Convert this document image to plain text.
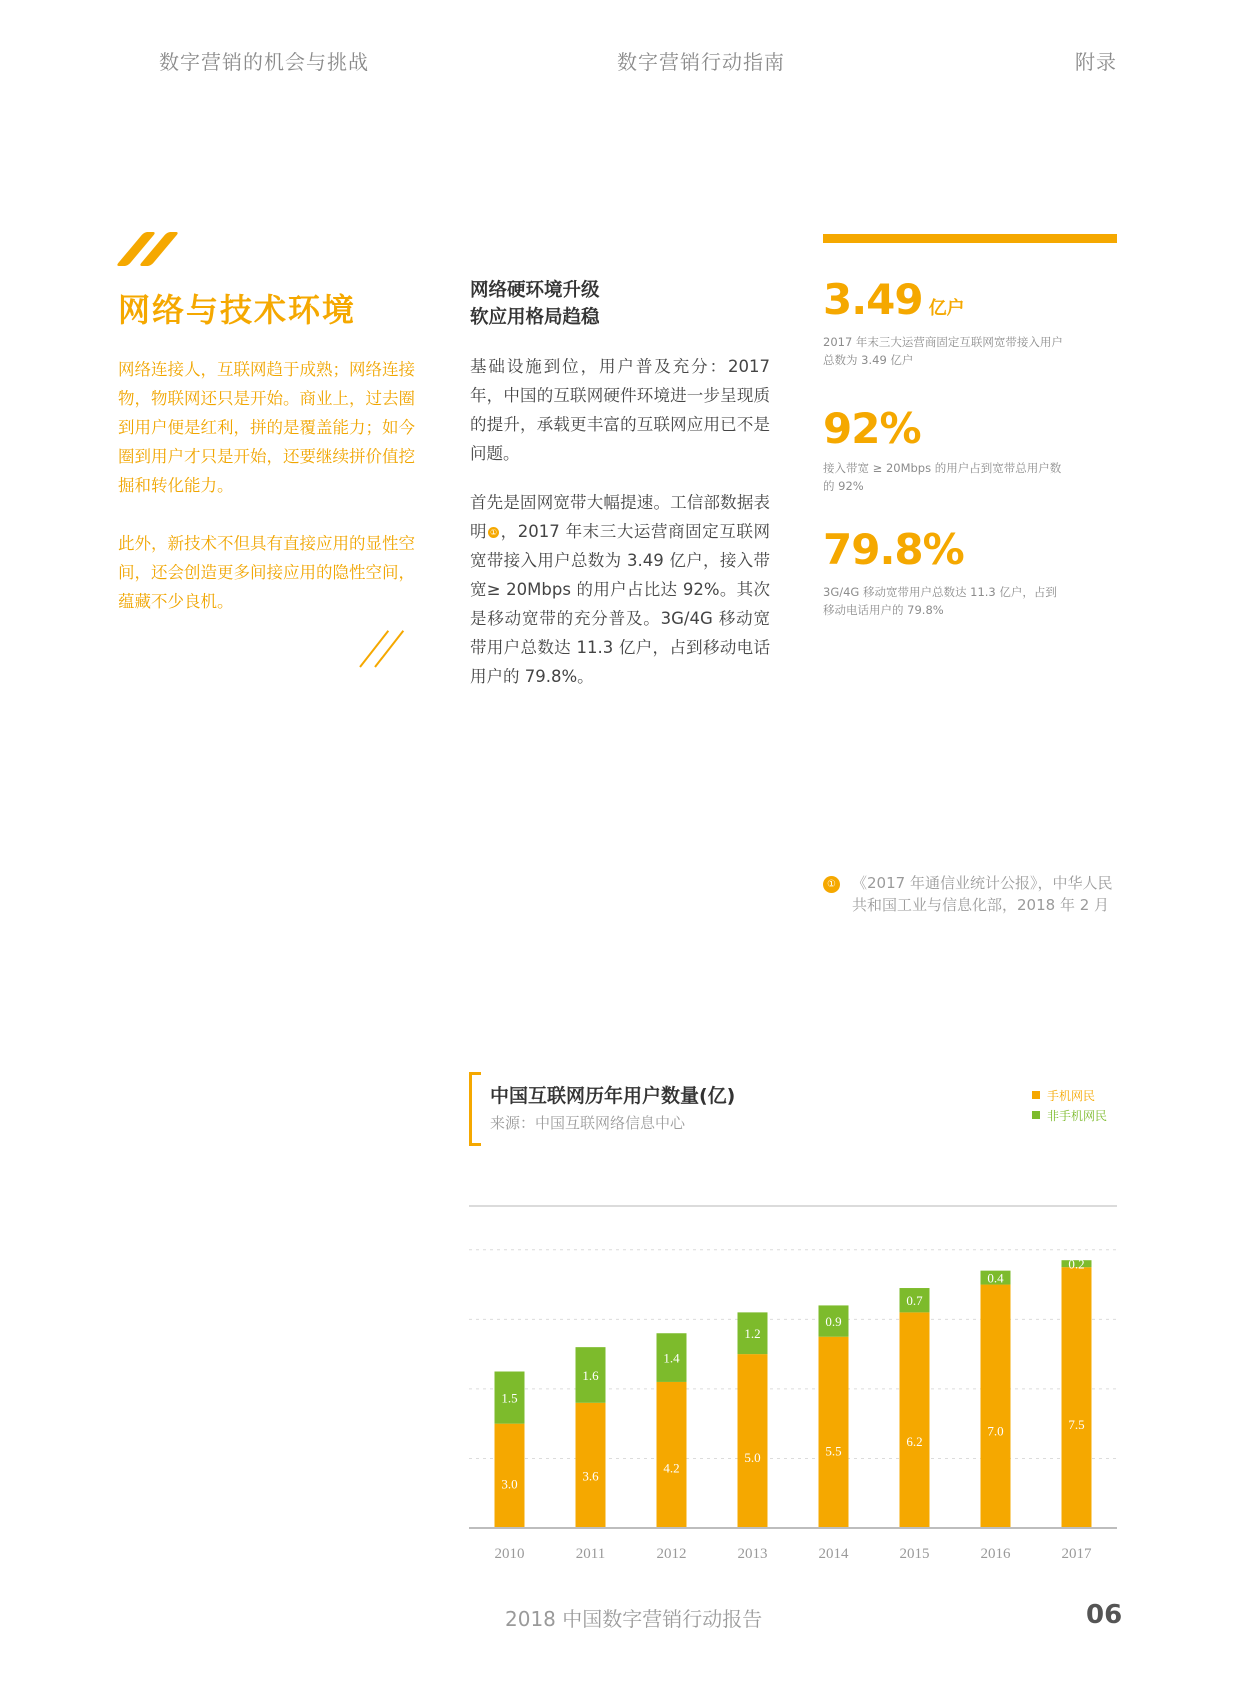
数字营销的机会与挑战	数字营销行动指南	附录
网络与技术环境

网络连接人，互联网趋于成熟；网络连接物，物联网还只是开始。商业上，过去圈到用户便是红利，拼的是覆盖能力；如今圈到用户才只是开始，还要继续拼价值挖掘和转化能力。

此外，新技术不但具有直接应用的显性空间，还会创造更多间接应用的隐性空间，蕴藏不少良机。

网络硬环境升级
软应用格局趋稳

基础设施到位，用户普及充分：2017年，中国的互联网硬件环境进一步呈现质的提升，承载更丰富的互联网应用已不是问题。

首先是固网宽带大幅提速。工信部数据表明 ① ，2017 年末三大运营商固定互联网宽带接入用户总数为 3.49 亿户，接入带宽≥ 20Mbps 的用户占比达 92%。其次是移动宽带的充分普及。3G/4G 移动宽带用户总数达 11.3 亿户，占到移动电话用户的 79.8%。

3.49 亿户
2017 年末三大运营商固定互联网宽带接入用户总数为 3.49 亿户
92%
接入带宽 ≥ 20Mbps 的用户占到宽带总用户数的 92%
79.8%
3G/4G 移动宽带用户总数达 11.3 亿户，占到移动电话用户的 79.8%
① 《2017 年通信业统计公报》，中华人民共和国工业与信息化部，2018 年 2 月
中国互联网历年用户数量(亿)
来源：中国互联网络信息中心
手机网民
非手机网民
3.0
1.5
2010
3.6
1.6
2011
4.2
1.4
2012
5.0
1.2
2013
5.5
0.9
2014
6.2
0.7
2015
7.0
0.4
2016
7.5
0.2
2017
2018 中国数字营销行动报告	06
